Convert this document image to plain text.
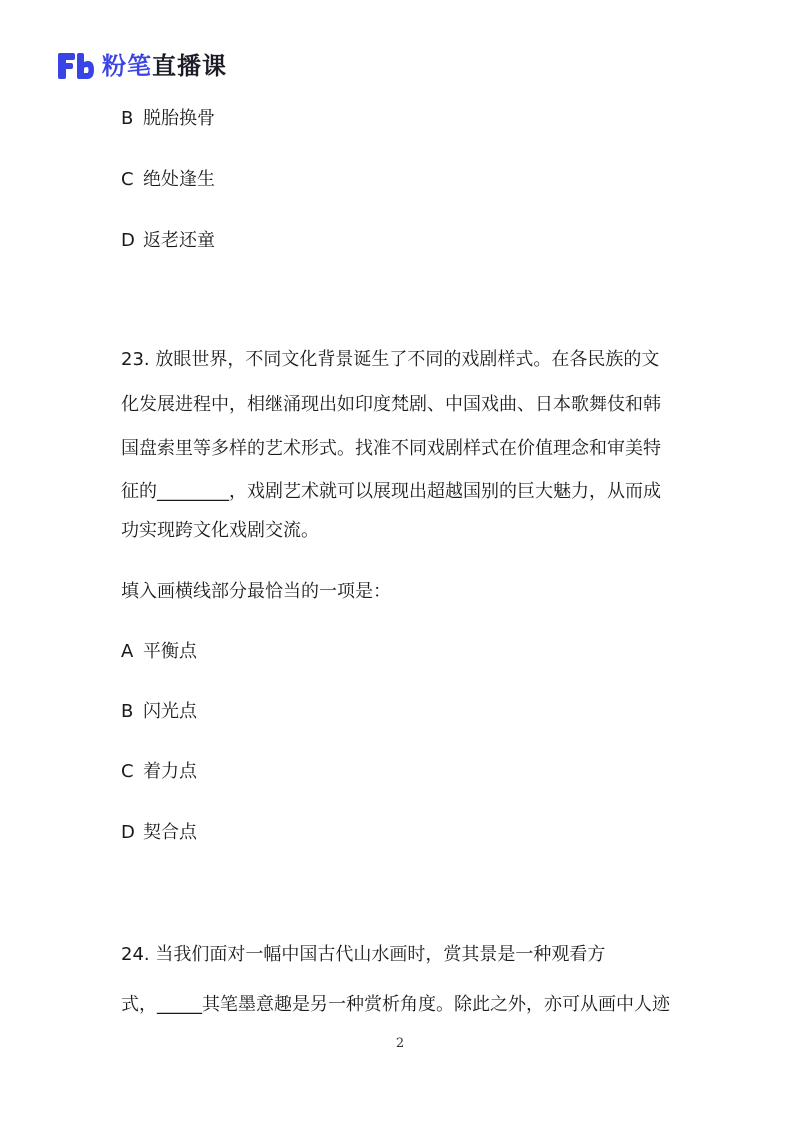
粉笔直播课
B 脱胎换骨
C 绝处逢生
D 返老还童
23. 放眼世界，不同文化背景诞生了不同的戏剧样式。在各民族的文
化发展进程中，相继涌现出如印度梵剧、中国戏曲、日本歌舞伎和韩
国盘索里等多样的艺术形式。找准不同戏剧样式在价值理念和审美特
征的________，戏剧艺术就可以展现出超越国别的巨大魅力，从而成
功实现跨文化戏剧交流。
填入画横线部分最恰当的一项是：
A 平衡点
B 闪光点
C 着力点
D 契合点
24. 当我们面对一幅中国古代山水画时，赏其景是一种观看方
式，_____其笔墨意趣是另一种赏析角度。除此之外，亦可从画中人迹
2
